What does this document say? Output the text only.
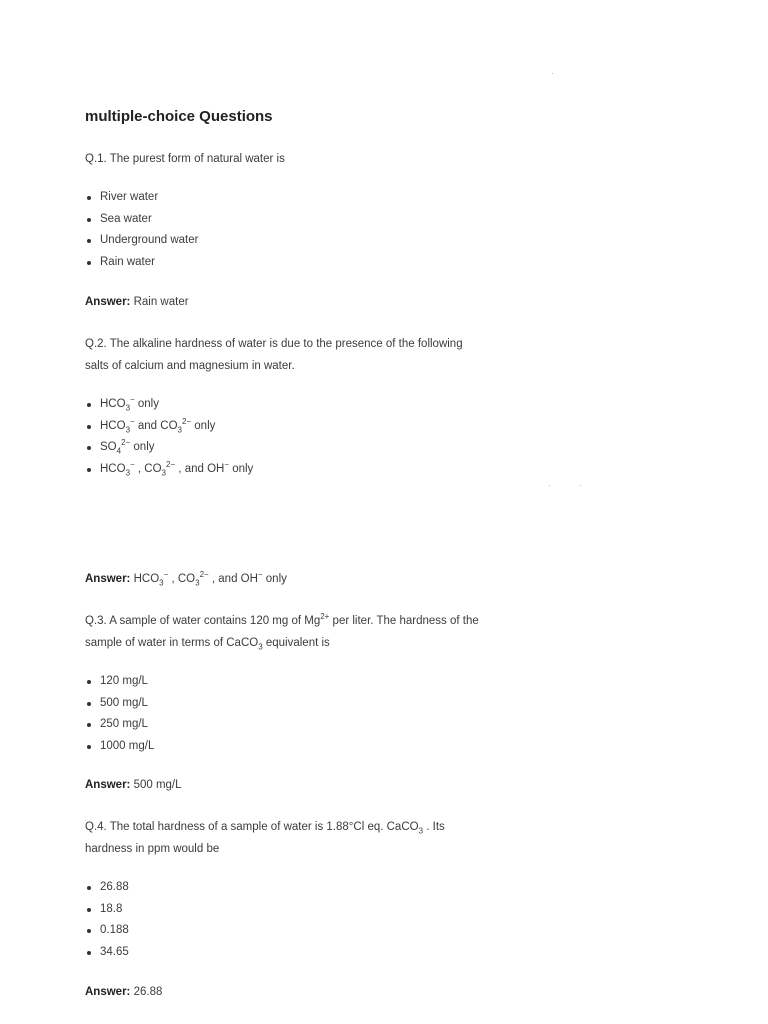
multiple-choice Questions

Q.1. The purest form of natural water is

River water
Sea water
Underground water
Rain water

Answer: Rain water

Q.2. The alkaline hardness of water is due to the presence of the following
salts of calcium and magnesium in water.

$HCO_3^-$ only
$HCO_3^-$ and $CO_3^{2-}$ only
$SO_4^{2-}$ only
$HCO_3^-$ , $CO_3^{2-}$ , and OH− only

Answer: $HCO_3^-$ , $CO_3^{2-}$ , and OH− only

Q.3. A sample of water contains 120 mg of $Mg^{2+}$ per liter. The hardness of the
sample of water in terms of CaCO$_3$ equivalent is

120 mg/L
500 mg/L
250 mg/L
1000 mg/L

Answer: 500 mg/L

Q.4. The total hardness of a sample of water is 1.88°Cl eq. CaCO$_3$ . Its
hardness in ppm would be

26.88
18.8
0.188
34.65

Answer: 26.88
